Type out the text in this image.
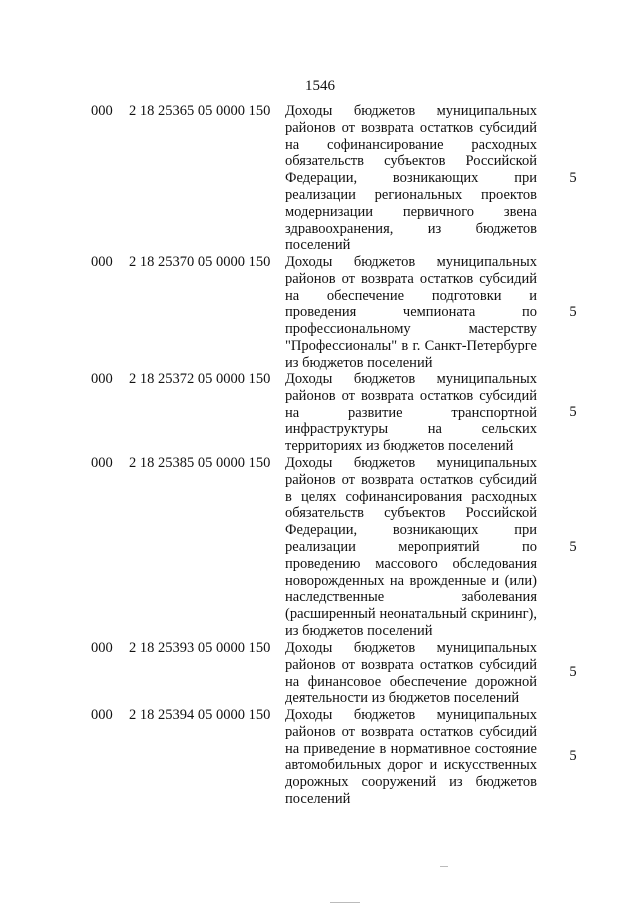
1546
000 2 18 25365 05 0000 150 Доходы бюджетов муниципальных районов от возврата остатков субсидий на софинансирование расходных обязательств субъектов Российской Федерации, возникающих при реализации региональных проектов модернизации первичного звена здравоохранения, из бюджетов поселений
5
000 2 18 25370 05 0000 150 Доходы бюджетов муниципальных районов от возврата остатков субсидий на обеспечение подготовки и проведения чемпионата по профессиональному мастерству "Профессионалы" в г. Санкт-Петербурге из бюджетов поселений
5
000 2 18 25372 05 0000 150 Доходы бюджетов муниципальных районов от возврата остатков субсидий на развитие транспортной инфраструктуры на сельских территориях из бюджетов поселений
5
000 2 18 25385 05 0000 150 Доходы бюджетов муниципальных районов от возврата остатков субсидий в целях софинансирования расходных обязательств субъектов Российской Федерации, возникающих при реализации мероприятий по проведению массового обследования новорожденных на врожденные и (или) наследственные заболевания (расширенный неонатальный скрининг), из бюджетов поселений
5
000 2 18 25393 05 0000 150 Доходы бюджетов муниципальных районов от возврата остатков субсидий на финансовое обеспечение дорожной деятельности из бюджетов поселений
5
000 2 18 25394 05 0000 150 Доходы бюджетов муниципальных районов от возврата остатков субсидий на приведение в нормативное состояние автомобильных дорог и искусственных дорожных сооружений из бюджетов поселений
5
